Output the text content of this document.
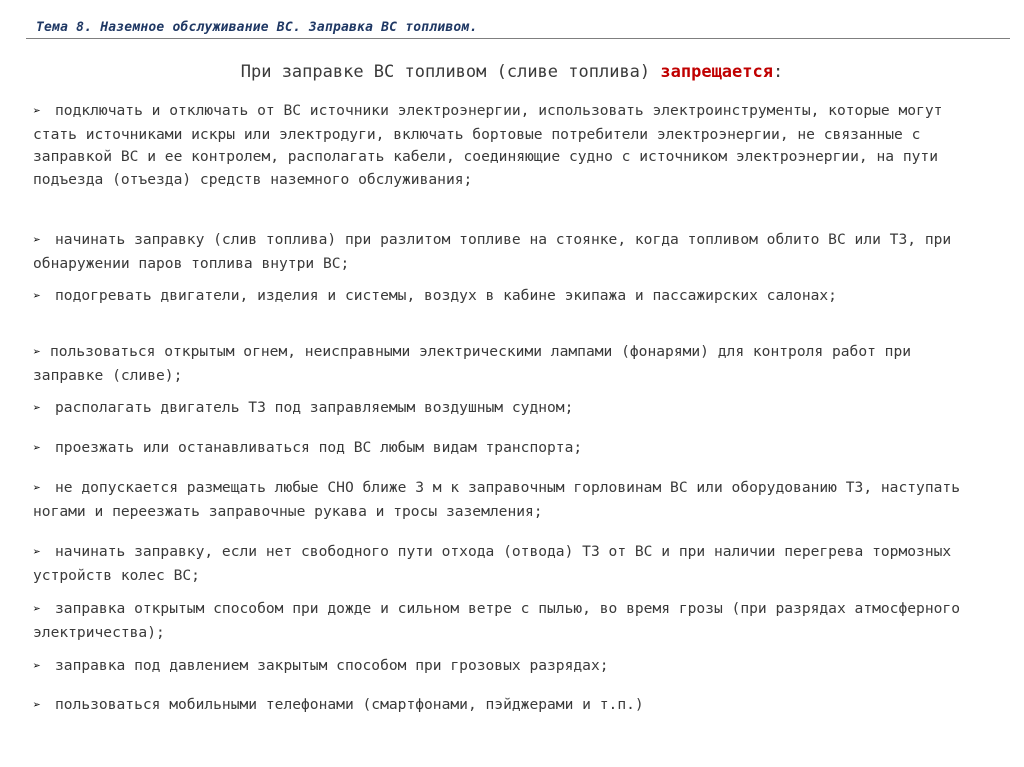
Тема 8. Наземное обслуживание ВС. Заправка ВС топливом.
При заправке ВС топливом (сливе топлива) запрещается:
➢ подключать и отключать от ВС источники электроэнергии, использовать электроинструменты, которые могут стать источниками искры или электродуги, включать бортовые потребители электроэнергии, не связанные с заправкой ВС и ее контролем, располагать кабели, соединяющие судно с источником электроэнергии, на пути подъезда (отъезда) средств наземного обслуживания;
➢ начинать заправку (слив топлива) при разлитом топливе на стоянке, когда топливом облито ВС или ТЗ, при обнаружении паров топлива внутри ВС;
➢ подогревать двигатели, изделия и системы, воздух в кабине экипажа и пассажирских салонах;
➢ пользоваться открытым огнем, неисправными электрическими лампами (фонарями) для контроля работ при заправке (сливе);
➢ располагать двигатель ТЗ под заправляемым воздушным судном;
➢ проезжать или останавливаться под ВС любым видам транспорта;
➢ не допускается размещать любые СНО ближе 3 м к заправочным горловинам ВС или оборудованию ТЗ, наступать ногами и переезжать заправочные рукава и тросы заземления;
➢ начинать заправку, если нет свободного пути отхода (отвода) ТЗ от ВС и при наличии перегрева тормозных устройств колес ВС;
➢ заправка открытым способом при дожде и сильном ветре с пылью, во время грозы (при разрядах атмосферного электричества);
➢ заправка под давлением закрытым способом при грозовых разрядах;
➢ пользоваться мобильными телефонами (смартфонами, пэйджерами и т.п.)
